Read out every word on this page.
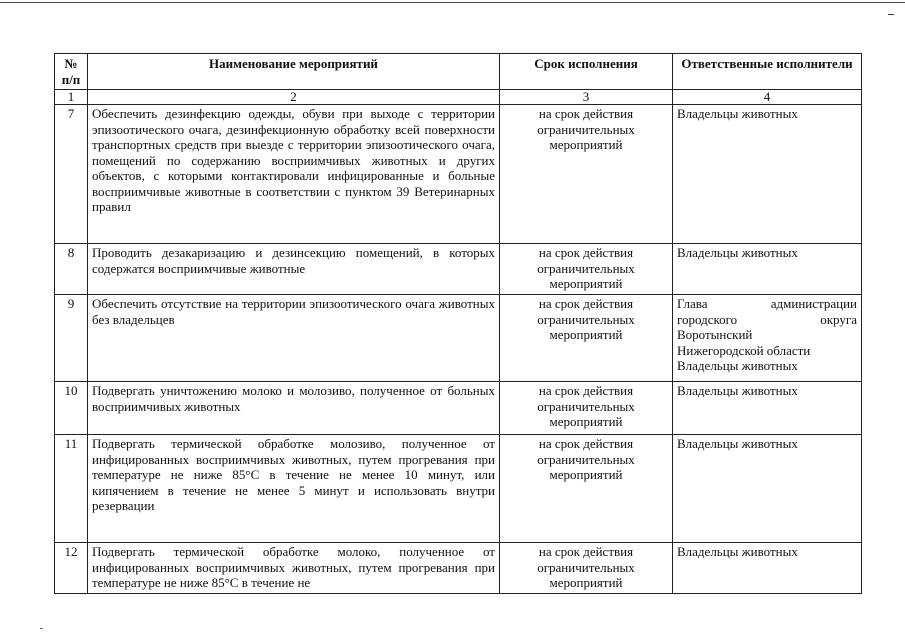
№ п/п	Наименование мероприятий	Срок исполнения	Ответственные исполнители
1	2	3	4
7	Обеспечить дезинфекцию одежды, обуви при выходе с территории эпизоотического очага, дезинфекционную обработку всей поверхности транспортных средств при выезде с территории эпизоотического очага, помещений по содержанию восприимчивых животных и других объектов, с которыми контактировали инфицированные и больные восприимчивые животные в соответствии с пунктом 39 Ветеринарных правил	на срок действия ограничительных мероприятий	Владельцы животных

8	Проводить дезакаризацию и дезинсекцию помещений, в которых содержатся восприимчивые животные	на срок действия ограничительных мероприятий	Владельцы животных

9	Обеспечить отсутствие на территории эпизоотического очага животных без владельцев	на срок действия ограничительных мероприятий	Глава администрации
городского округа
Воротынский
Нижегородской области
Владельцы животных

10	Подвергать уничтожению молоко и молозиво, полученное от больных восприимчивых животных	на срок действия ограничительных мероприятий	Владельцы животных

11	Подвергать термической обработке молозиво, полученное от инфицированных восприимчивых животных, путем прогревания при температуре не ниже 85°С в течение не менее 10 минут, или кипячением в течение не менее 5 минут и использовать внутри резервации	на срок действия ограничительных мероприятий	Владельцы животных

12	Подвергать термической обработке молоко, полученное от инфицированных восприимчивых животных, путем прогревания при температуре не ниже 85°С в течение не	на срок действия ограничительных мероприятий	Владельцы животных
